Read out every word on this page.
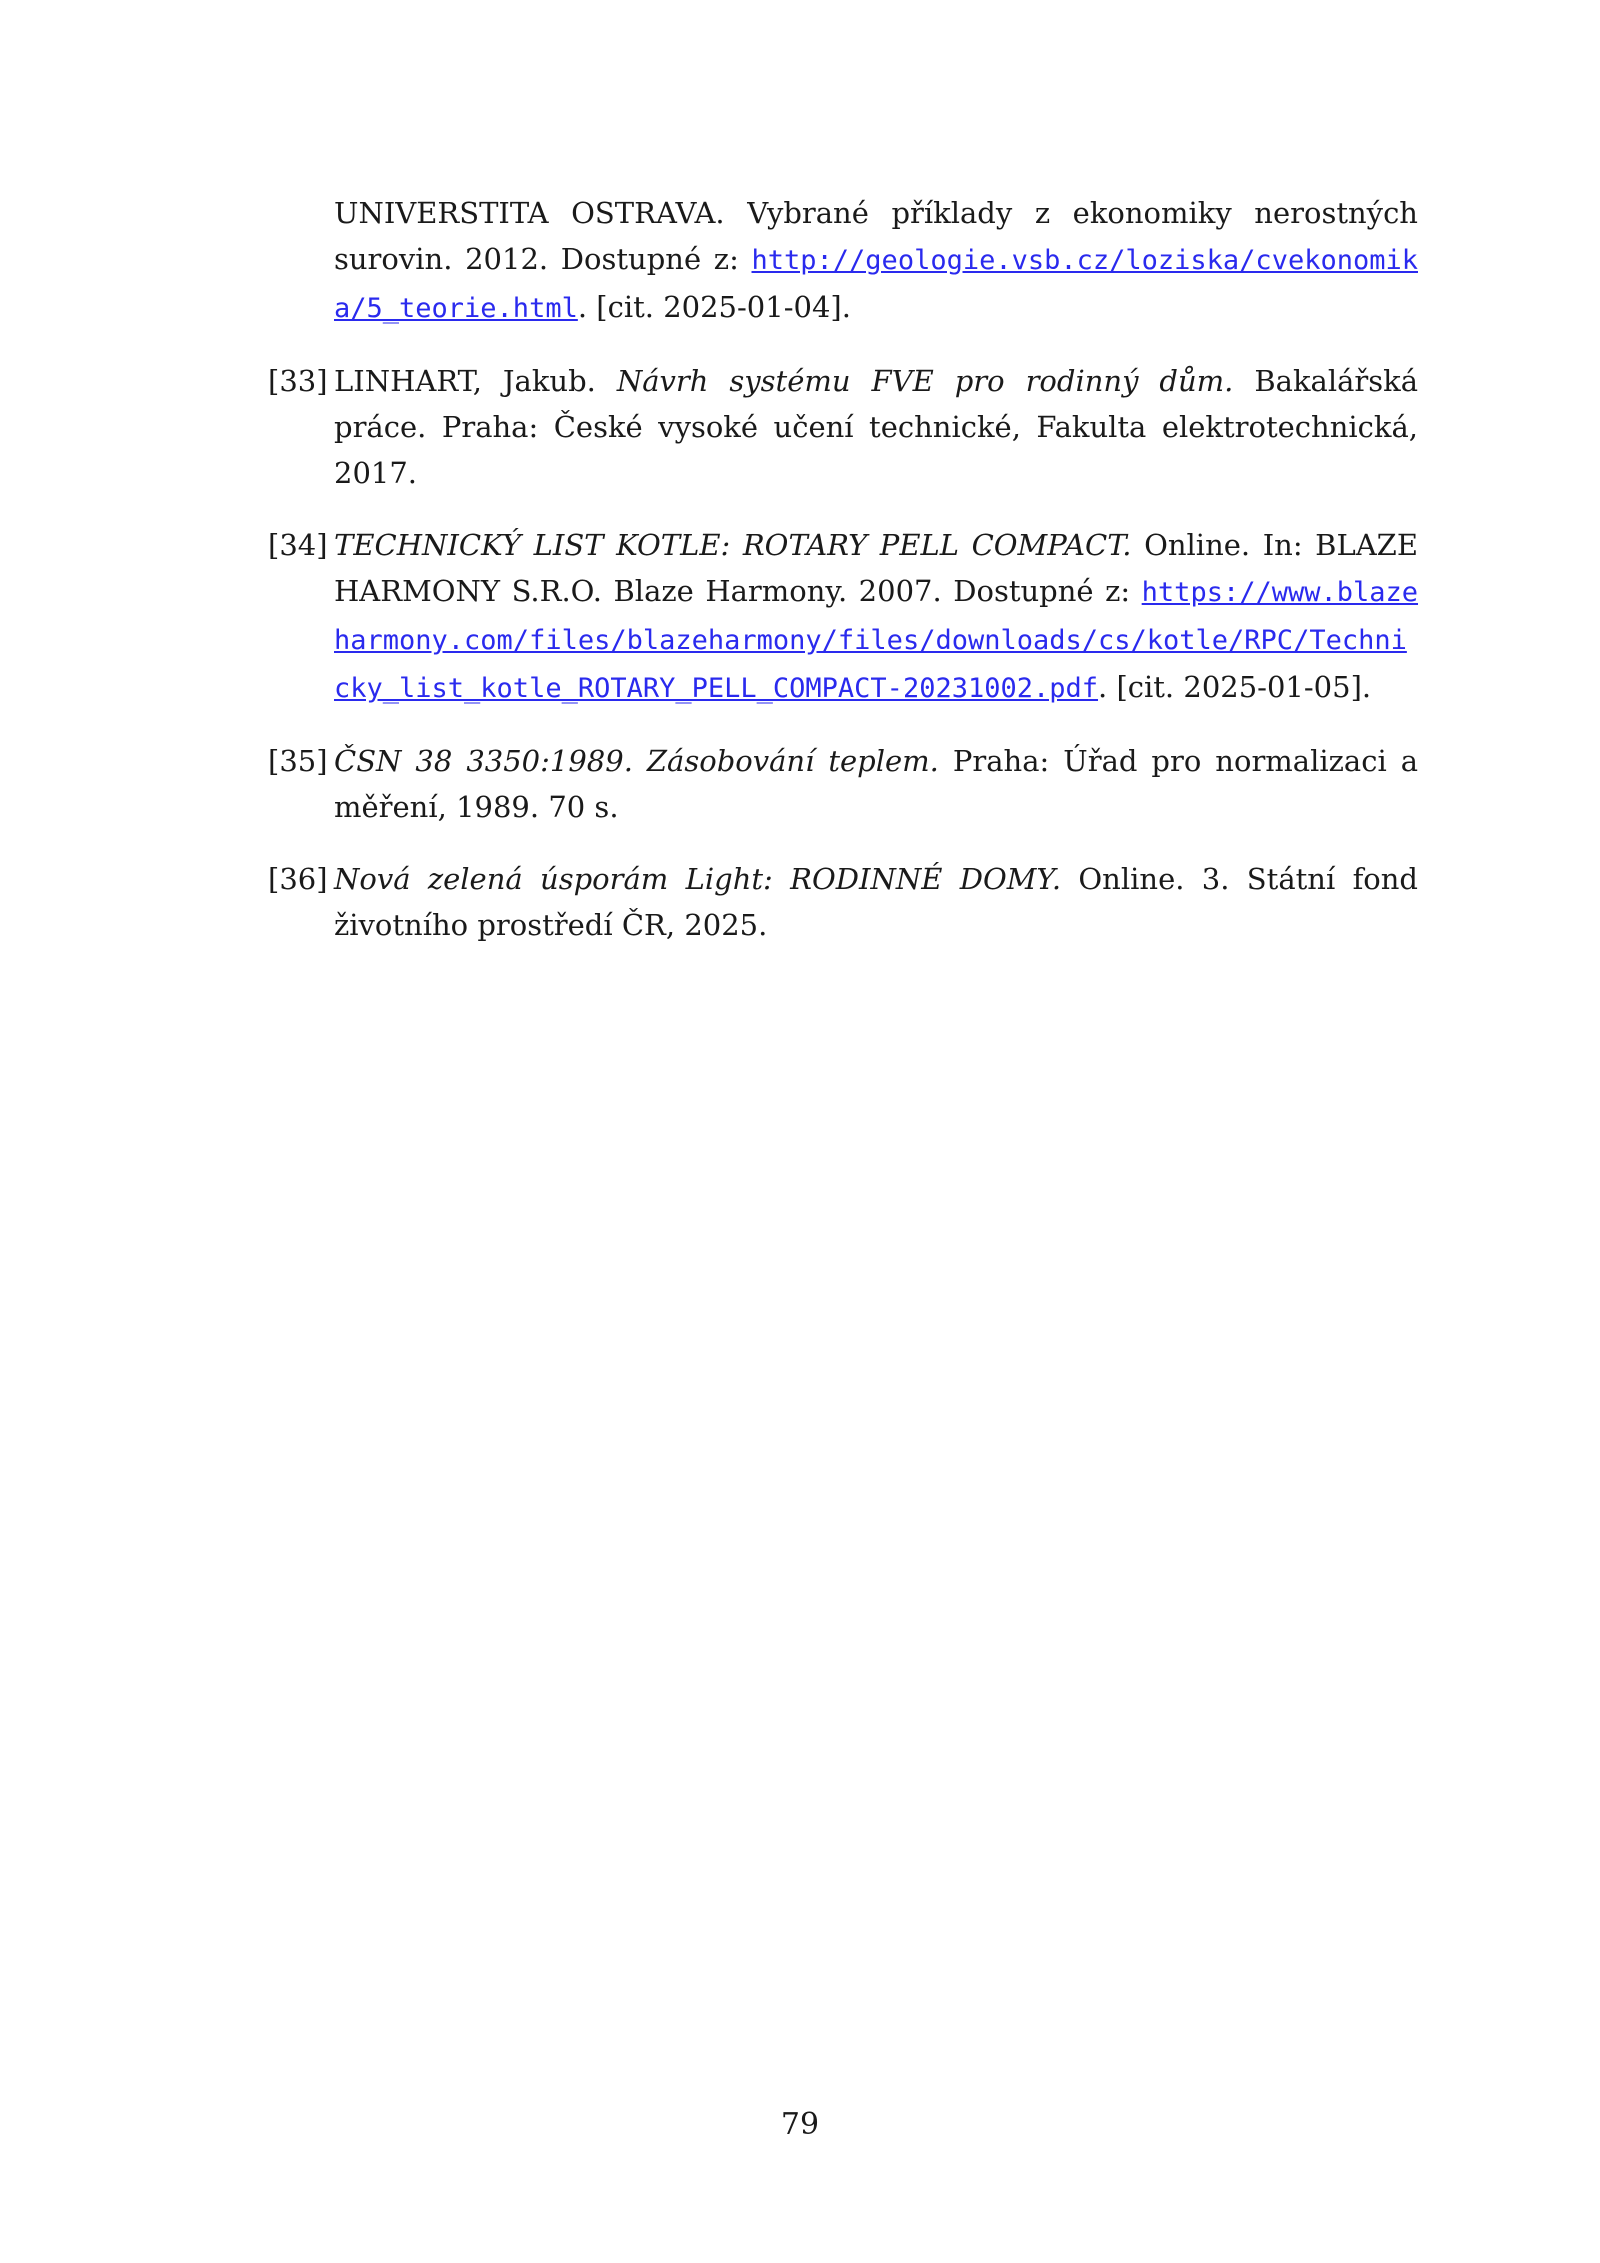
UNIVERSTITA OSTRAVA. Vybrané příklady z ekonomiky nerostných surovin. 2012. Dostupné z: http://geologie.vsb.cz/loziska/cvekonomika/5_teorie.html. [cit. 2025-01-04].
[33] LINHART, Jakub. Návrh systému FVE pro rodinný dům. Bakalářská práce. Praha: České vysoké učení technické, Fakulta elektrotechnická, 2017.
[34] TECHNICKÝ LIST KOTLE: ROTARY PELL COMPACT. Online. In: BLAZE HARMONY S.R.O. Blaze Harmony. 2007. Dostupné z: https://www.blazeharmony.com/files/blazeharmony/files/downloads/cs/kotle/RPC/Technicky_list_kotle_ROTARY_PELL_COMPACT-20231002.pdf. [cit. 2025-01-05].
[35] ČSN 38 3350:1989. Zásobování teplem. Praha: Úřad pro normalizaci a měření, 1989. 70 s.
[36] Nová zelená úsporám Light: RODINNÉ DOMY. Online. 3. Státní fond životního prostředí ČR, 2025.
79
